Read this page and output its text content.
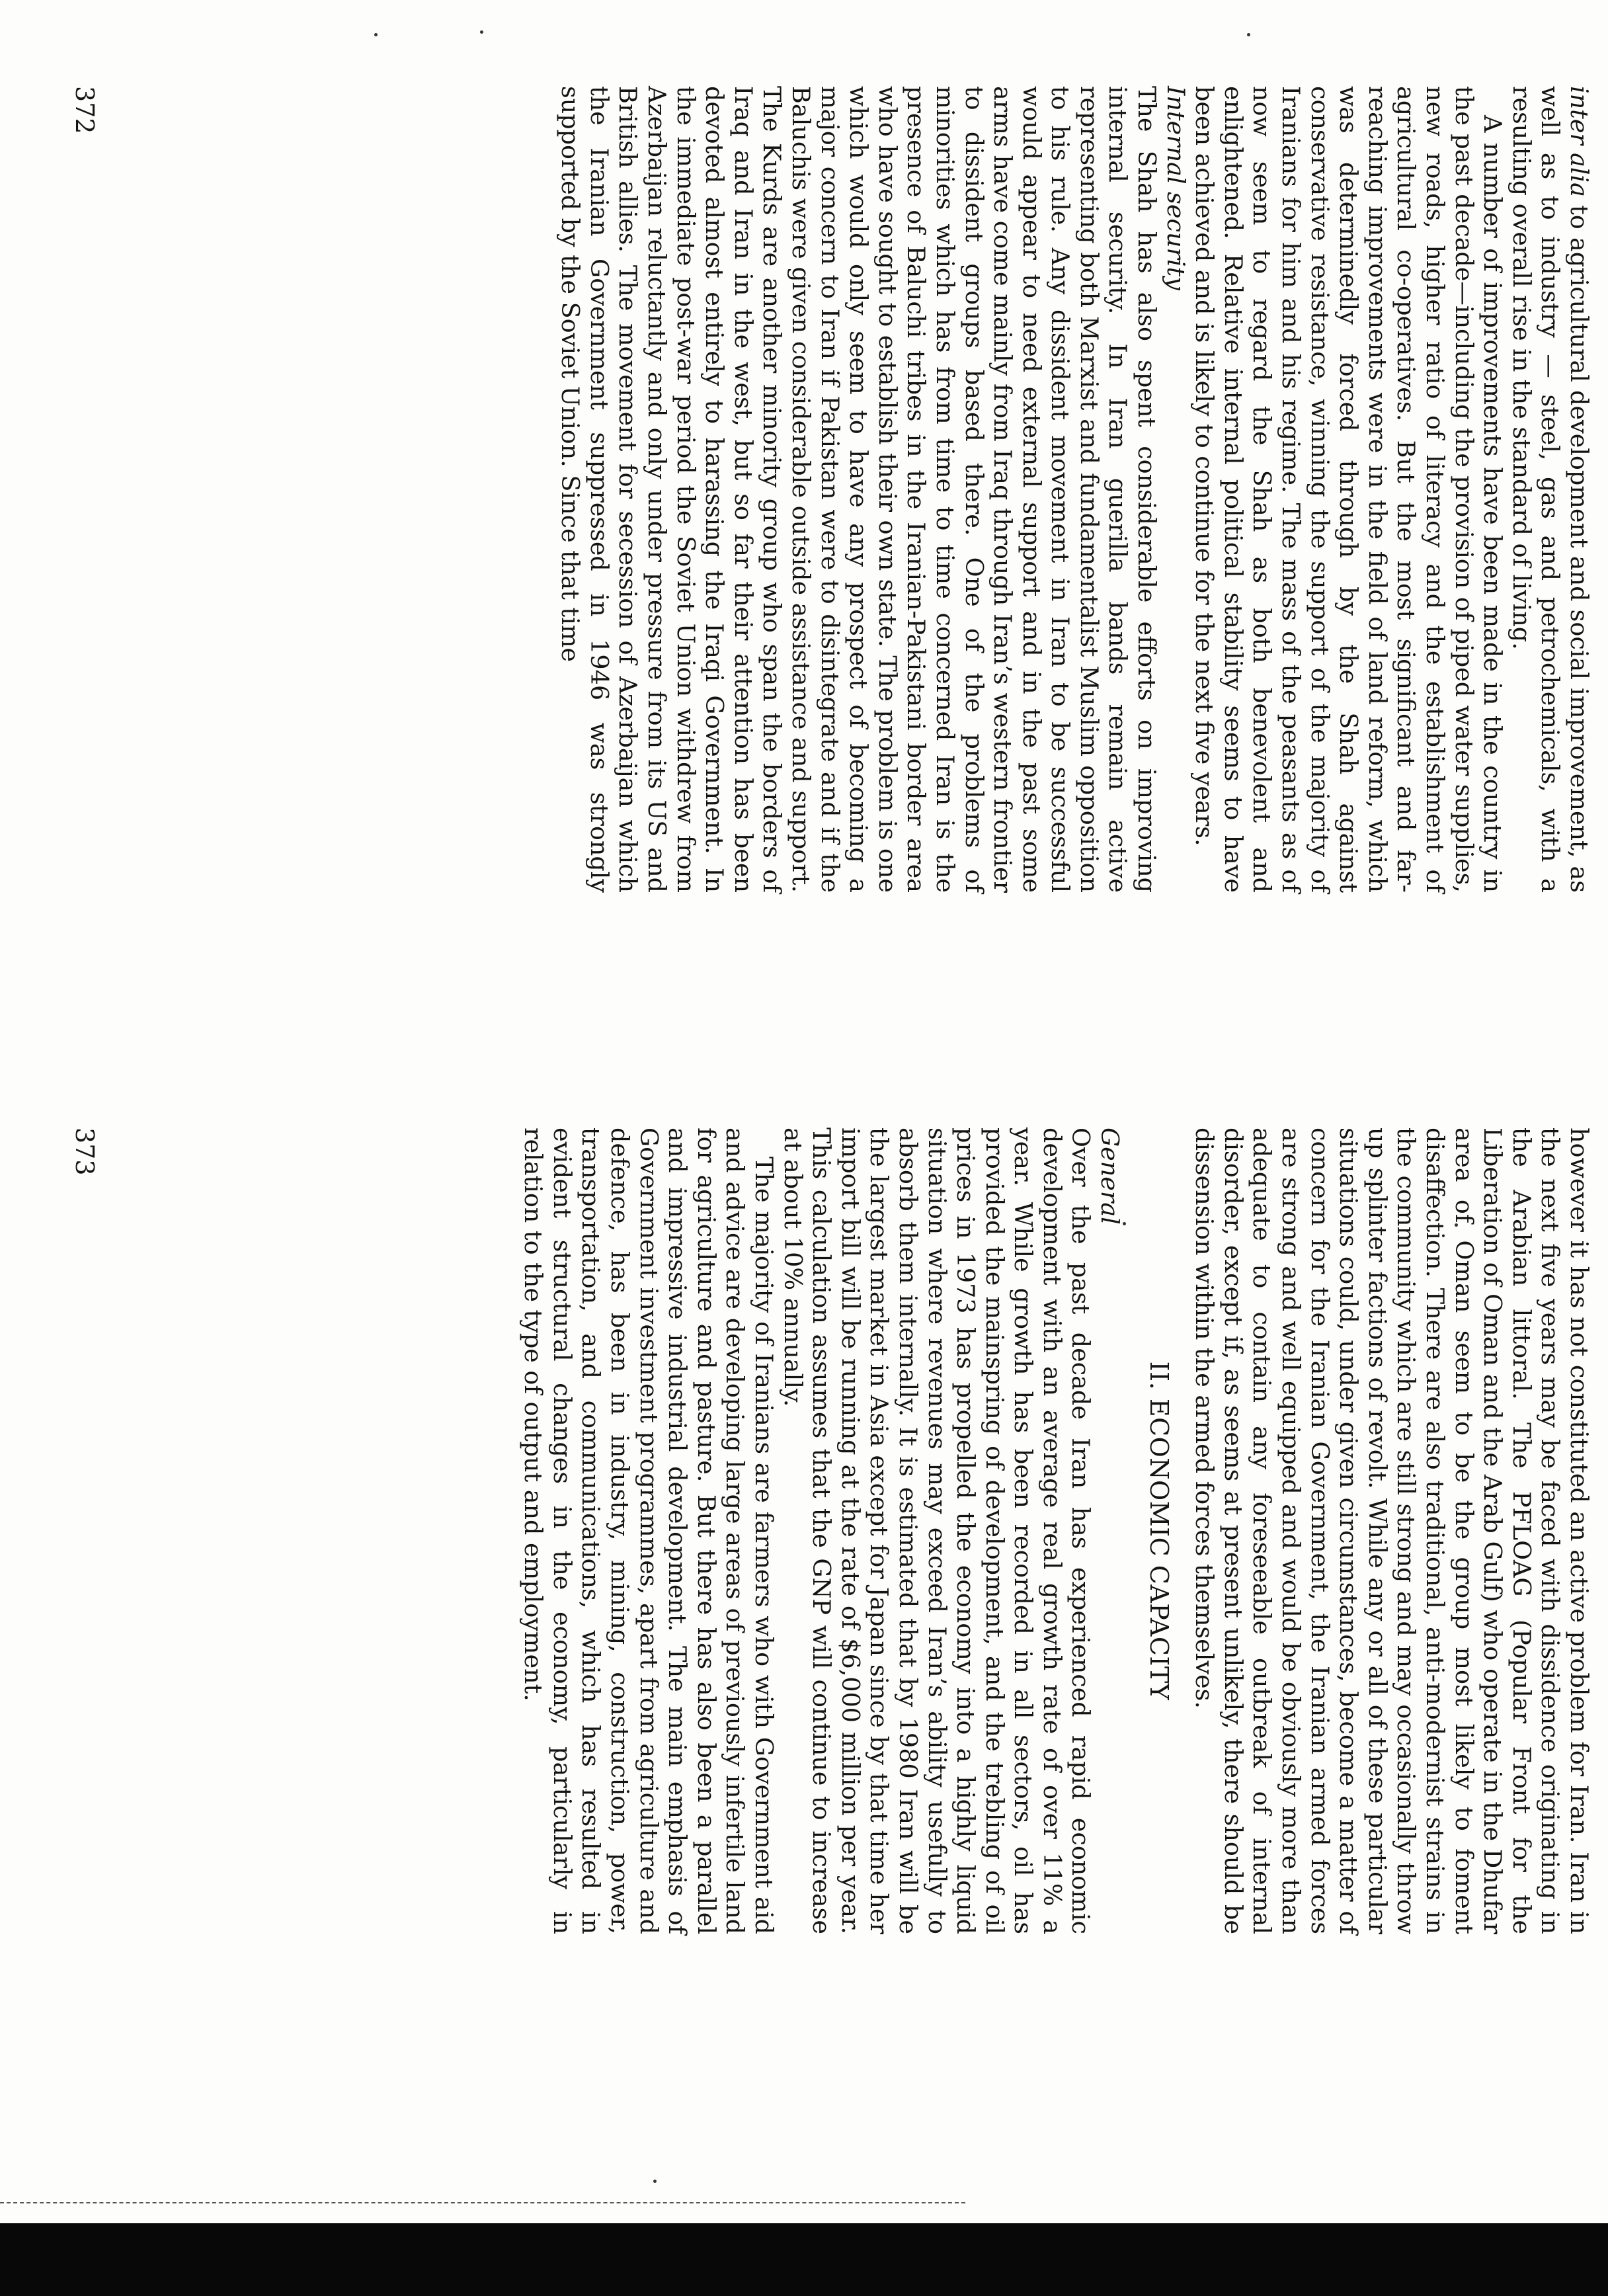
inter alia to agricultural development and social improvement, as well as to industry — steel, gas and petrochemicals, with a resulting overall rise in the standard of living.

A number of improvements have been made in the country in the past decade—including the provision of piped water supplies, new roads, higher ratio of literacy and the establishment of agricultural co-operatives. But the most significant and far-reaching improvements were in the field of land reform, which was determinedly forced through by the Shah against conservative resistance, winning the support of the majority of Iranians for him and his regime. The mass of the peasants as of now seem to regard the Shah as both benevolent and enlightened. Relative internal political stability seems to have been achieved and is likely to continue for the next five years.

Internal security

The Shah has also spent considerable efforts on improving internal security. In Iran guerilla bands remain active representing both Marxist and fundamentalist Muslim opposition to his rule. Any dissident movement in Iran to be successful would appear to need external support and in the past some arms have come mainly from Iraq through Iran’s western frontier to dissident groups based there. One of the problems of minorities which has from time to time concerned Iran is the presence of Baluchi tribes in the Iranian-Pakistani border area who have sought to establish their own state. The problem is one which would only seem to have any prospect of becoming a major concern to Iran if Pakistan were to disintegrate and if the Baluchis were given considerable outside assistance and support. The Kurds are another minority group who span the borders of Iraq and Iran in the west, but so far their attention has been devoted almost entirely to harassing the Iraqi Government. In the immediate post-war period the Soviet Union withdrew from Azerbaijan reluctantly and only under pressure from its US and British allies. The movement for secession of Azerbaijan which the Iranian Government suppressed in 1946 was strongly supported by the Soviet Union. Since that time

372

however it has not constituted an active problem for Iran. Iran in the next five years may be faced with dissidence originating in the Arabian littoral. The PFLOAG (Popular Front for the Liberation of Oman and the Arab Gulf) who operate in the Dhufar area of Oman seem to be the group most likely to foment disaffection. There are also traditional, anti-modernist strains in the community which are still strong and may occasionally throw up splinter factions of revolt. While any or all of these particular situations could, under given circumstances, become a matter of concern for the Iranian Government, the Iranian armed forces are strong and well equipped and would be obviously more than adequate to contain any foreseeable outbreak of internal disorder, except if, as seems at present unlikely, there should be dissension within the armed forces themselves.

II. ECONOMIC CAPACITY

General

Over the past decade Iran has experienced rapid economic development with an average real growth rate of over 11% a year. While growth has been recorded in all sectors, oil has provided the mainspring of development, and the trebling of oil prices in 1973 has propelled the economy into a highly liquid situation where revenues may exceed Iran’s ability usefully to absorb them internally. It is estimated that by 1980 Iran will be the largest market in Asia except for Japan since by that time her import bill will be running at the rate of $6,000 million per year. This calculation assumes that the GNP will continue to increase at about 10% annually.

The majority of Iranians are farmers who with Government aid and advice are developing large areas of previously infertile land for agriculture and pasture. But there has also been a parallel and impressive industrial development. The main emphasis of Government investment programmes, apart from agriculture and defence, has been in industry, mining, construction, power, transportation, and communications, which has resulted in evident structural changes in the economy, particularly in relation to the type of output and employment.

373
